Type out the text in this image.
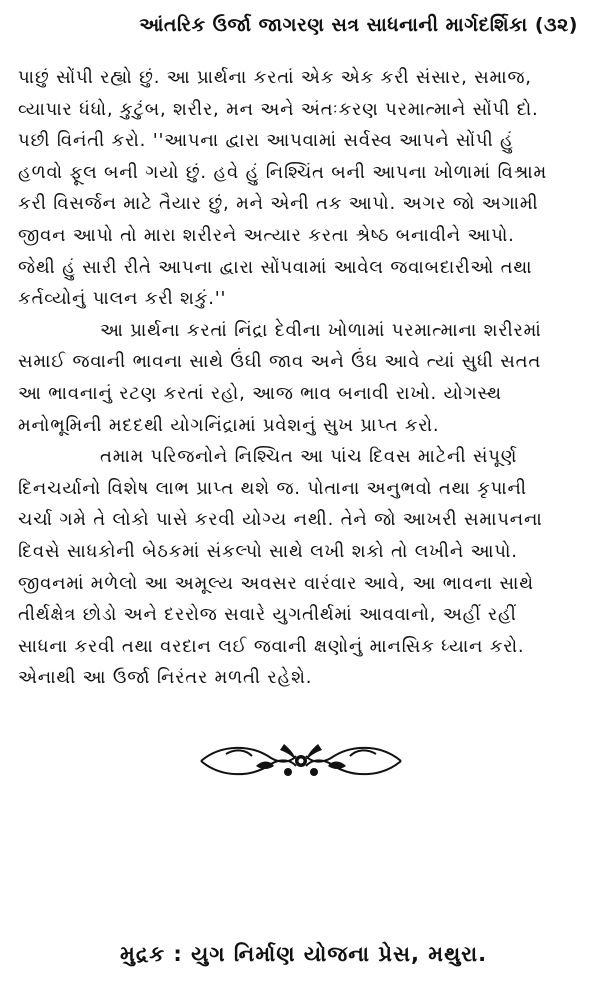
આંતરિક ઉર્જા જાગરણ સત્ર સાધનાની માર્ગદર્શિકા (૩૨)

પાછું સોંપી રહ્યો છું. આ પ્રાર્થના કરતાં એક એક કરી સંસાર, સમાજ,
વ્યાપાર ધંધો, કુટુંબ, શરીર, મન અને અંતઃકરણ પરમાત્માને સોંપી દો.
પછી વિનંતી કરો. ''આપના દ્વારા આપવામાં સર્વસ્વ આપને સોંપી હું
હળવો ફૂલ બની ગયો છું. હવે હું નિશ્ચિંત બની આપના ખોળામાં વિશ્રામ
કરી વિસર્જન માટે તૈયાર છું, મને એની તક આપો. અગર જો અગામી
જીવન આપો તો મારા શરીરને અત્યાર કરતા શ્રેષ્ઠ બનાવીને આપો.
જેથી હું સારી રીતે આપના દ્વારા સોંપવામાં આવેલ જવાબદારીઓ તથા
કર્તવ્યોનું પાલન કરી શકું.''

આ પ્રાર્થના કરતાં નિંદ્રા દેવીના ખોળામાં પરમાત્માના શરીરમાં
સમાઈ જવાની ભાવના સાથે ઉંઘી જાવ અને ઉંઘ આવે ત્યાં સુધી સતત
આ ભાવનાનું રટણ કરતાં રહો, આજ ભાવ બનાવી રાખો. યોગસ્થ
મનોભૂમિની મદદથી યોગનિંદ્રામાં પ્રવેશનું સુખ પ્રાપ્ત કરો.

તમામ પરિજનોને નિશ્ચિત આ પાંચ દિવસ માટેની સંપૂર્ણ
દિનચર્યાનો વિશેષ લાભ પ્રાપ્ત થશે જ. પોતાના અનુભવો તથા કૃપાની
ચર્ચા ગમે તે લોકો પાસે કરવી યોગ્ય નથી. તેને જો આખરી સમાપનના
દિવસે સાધકોની બેઠકમાં સંકલ્પો સાથે લખી શકો તો લખીને આપો.
જીવનમાં મળેલો આ અમૂલ્ય અવસર વારંવાર આવે, આ ભાવના સાથે
તીર્થક્ષેત્ર છોડો અને દરરોજ સવારે યુગતીર્થમાં આવવાનો, અહીં રહીં
સાધના કરવી તથા વરદાન લઈ જવાની ક્ષણોનું માનસિક ધ્યાન કરો.
એનાથી આ ઉર્જા નિરંતર મળતી રહેશે.

મુદ્રક : યુગ નિર્માણ યોજના પ્રેસ, મથુરા.
